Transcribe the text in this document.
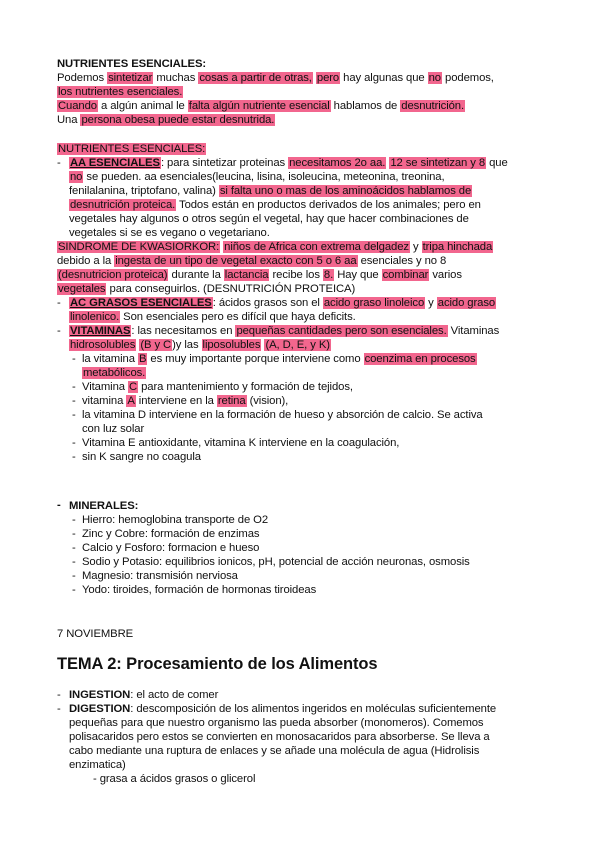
NUTRIENTES ESENCIALES:
Podemos sintetizar muchas cosas a partir de otras, pero hay algunas que no podemos,
los nutrientes esenciales.
Cuando a algún animal le falta algún nutriente esencial hablamos de desnutrición.
Una persona obesa puede estar desnutrida.
NUTRIENTES ESENCIALES:
- AA ESENCIALES: para sintetizar proteinas necesitamos 2o aa. 12 se sintetizan y 8 que
no se pueden. aa esenciales(leucina, lisina, isoleucina, meteonina, treonina,
fenilalanina, triptofano, valina) si falta uno o mas de los aminoácidos hablamos de
desnutrición proteica. Todos están en productos derivados de los animales; pero en
vegetales hay algunos o otros según el vegetal, hay que hacer combinaciones de
vegetales si se es vegano o vegetariano.
SINDROME DE KWASIORKOR: niños de Africa con extrema delgadez y tripa hinchada
debido a la ingesta de un tipo de vegetal exacto con 5 o 6 aa esenciales y no 8
(desnutricion proteica) durante la lactancia recibe los 8. Hay que combinar varios
vegetales para conseguirlos. (DESNUTRICIÓN PROTEICA)
- AC GRASOS ESENCIALES: ácidos grasos son el acido graso linoleico y acido graso
linolenico. Son esenciales pero es difícil que haya deficits.
- VITAMINAS: las necesitamos en pequeñas cantidades pero son esenciales. Vitaminas
hidrosolubles (B y C)y las liposolubles (A, D, E, y K)
- la vitamina B es muy importante porque interviene como coenzima en procesos
metabólicos.
- Vitamina C para mantenimiento y formación de tejidos,
- vitamina A interviene en la retina (vision),
- la vitamina D interviene en la formación de hueso y absorción de calcio. Se activa
con luz solar
- Vitamina E antioxidante, vitamina K interviene en la coagulación,
- sin K sangre no coagula
- MINERALES:
- Hierro: hemoglobina transporte de O2
- Zinc y Cobre: formación de enzimas
- Calcio y Fosforo: formacion e hueso
- Sodio y Potasio: equilibrios ionicos, pH, potencial de acción neuronas, osmosis
- Magnesio: transmisión nerviosa
- Yodo: tiroides, formación de hormonas tiroideas
7 NOVIEMBRE
TEMA 2: Procesamiento de los Alimentos
- INGESTION: el acto de comer
- DIGESTION: descomposición de los alimentos ingeridos en moléculas suficientemente
pequeñas para que nuestro organismo las pueda absorber (monomeros). Comemos
polisacaridos pero estos se convierten en monosacaridos para absorberse. Se lleva a
cabo mediante una ruptura de enlaces y se añade una molécula de agua (Hidrolisis
enzimatica)
- grasa a ácidos grasos o glicerol
